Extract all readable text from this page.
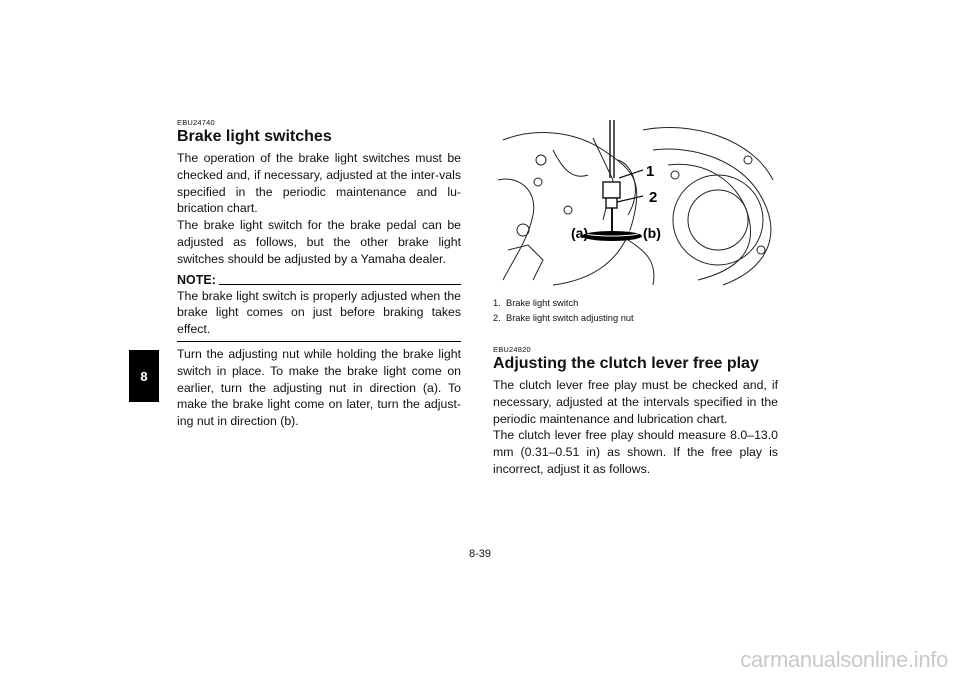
8

EBU24740

Brake light switches

The operation of the brake light switches must be checked and, if necessary, adjusted at the inter-vals specified in the periodic maintenance and lu-brication chart.

The brake light switch for the brake pedal can be adjusted as follows, but the other brake light switches should be adjusted by a Yamaha dealer.

NOTE:

The brake light switch is properly adjusted when the brake light comes on just before braking takes effect.

Turn the adjusting nut while holding the brake light switch in place. To make the brake light come on earlier, turn the adjusting nut in direction (a). To make the brake light come on later, turn the adjust-ing nut in direction (b).

1
2
(a)	(b)
1. Brake light switch
2. Brake light switch adjusting nut

EBU24820

Adjusting the clutch lever free play

The clutch lever free play must be checked and, if necessary, adjusted at the intervals specified in the periodic maintenance and lubrication chart.

The clutch lever free play should measure 8.0–13.0 mm (0.31–0.51 in) as shown. If the free play is incorrect, adjust it as follows.

8-39
carmanualsonline.info
